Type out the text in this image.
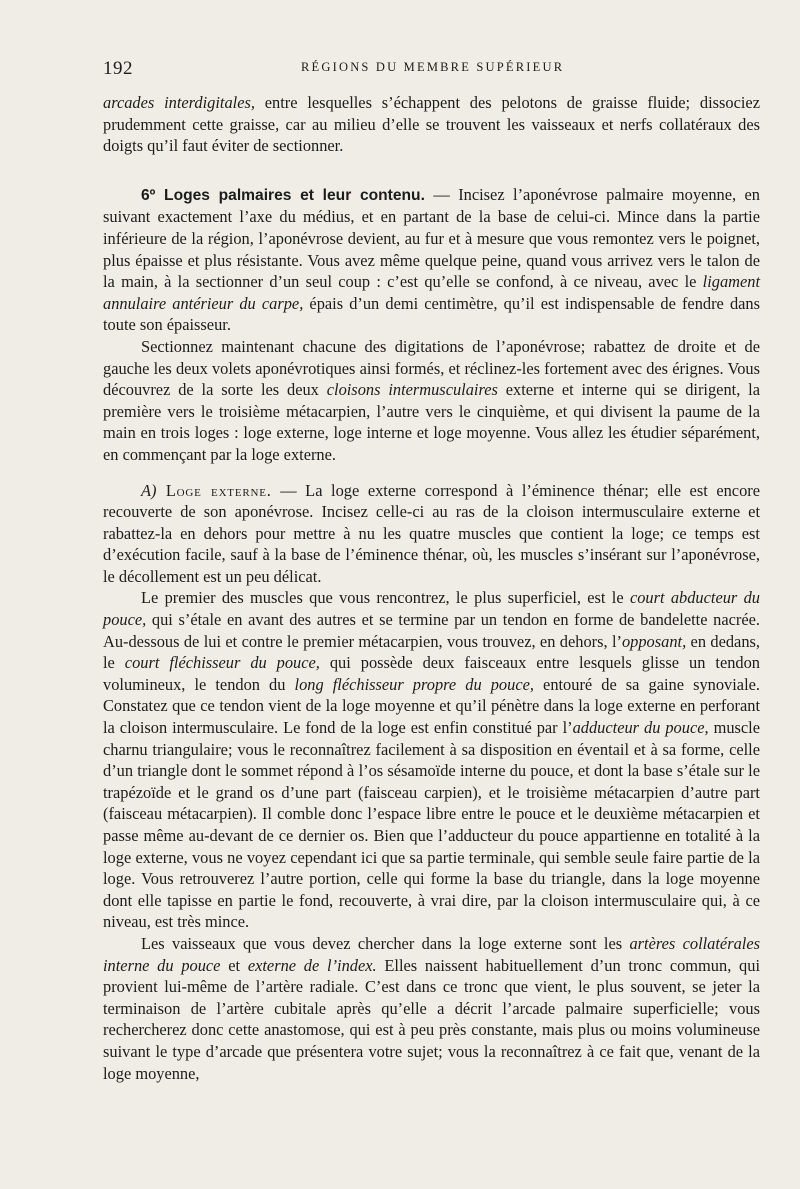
192	RÉGIONS DU MEMBRE SUPÉRIEUR

arcades interdigitales, entre lesquelles s’échappent des pelotons de graisse fluide; dissociez prudemment cette graisse, car au milieu d’elle se trouvent les vaisseaux et nerfs collatéraux des doigts qu’il faut éviter de sectionner.

6º Loges palmaires et leur contenu. — Incisez l’aponévrose palmaire moyenne, en suivant exactement l’axe du médius, et en partant de la base de celui-ci. Mince dans la partie inférieure de la région, l’aponévrose devient, au fur et à mesure que vous remontez vers le poignet, plus épaisse et plus résistante. Vous avez même quelque peine, quand vous arrivez vers le talon de la main, à la sectionner d’un seul coup : c’est qu’elle se confond, à ce niveau, avec le ligament annulaire antérieur du carpe, épais d’un demi centimètre, qu’il est indispensable de fendre dans toute son épaisseur.

Sectionnez maintenant chacune des digitations de l’aponévrose; rabattez de droite et de gauche les deux volets aponévrotiques ainsi formés, et réclinez-les fortement avec des érignes. Vous découvrez de la sorte les deux cloisons intermusculaires externe et interne qui se dirigent, la première vers le troisième métacarpien, l’autre vers le cinquième, et qui divisent la paume de la main en trois loges : loge externe, loge interne et loge moyenne. Vous allez les étudier séparément, en commençant par la loge externe.

A) Loge externe. — La loge externe correspond à l’éminence thénar; elle est encore recouverte de son aponévrose. Incisez celle-ci au ras de la cloison intermusculaire externe et rabattez-la en dehors pour mettre à nu les quatre muscles que contient la loge; ce temps est d’exécution facile, sauf à la base de l’éminence thénar, où, les muscles s’insérant sur l’aponévrose, le décollement est un peu délicat.

Le premier des muscles que vous rencontrez, le plus superficiel, est le court abducteur du pouce, qui s’étale en avant des autres et se termine par un tendon en forme de bandelette nacrée. Au-dessous de lui et contre le premier métacarpien, vous trouvez, en dehors, l’opposant, en dedans, le court fléchisseur du pouce, qui possède deux faisceaux entre lesquels glisse un tendon volumineux, le tendon du long fléchisseur propre du pouce, entouré de sa gaine synoviale. Constatez que ce tendon vient de la loge moyenne et qu’il pénètre dans la loge externe en perforant la cloison intermusculaire. Le fond de la loge est enfin constitué par l’adducteur du pouce, muscle charnu triangulaire; vous le reconnaîtrez facilement à sa disposition en éventail et à sa forme, celle d’un triangle dont le sommet répond à l’os sésamoïde interne du pouce, et dont la base s’étale sur le trapézoïde et le grand os d’une part (faisceau carpien), et le troisième métacarpien d’autre part (faisceau métacarpien). Il comble donc l’espace libre entre le pouce et le deuxième métacarpien et passe même au-devant de ce dernier os. Bien que l’adducteur du pouce appartienne en totalité à la loge externe, vous ne voyez cependant ici que sa partie terminale, qui semble seule faire partie de la loge. Vous retrouverez l’autre portion, celle qui forme la base du triangle, dans la loge moyenne dont elle tapisse en partie le fond, recouverte, à vrai dire, par la cloison intermusculaire qui, à ce niveau, est très mince.

Les vaisseaux que vous devez chercher dans la loge externe sont les artères collatérales interne du pouce et externe de l’index. Elles naissent habituellement d’un tronc commun, qui provient lui-même de l’artère radiale. C’est dans ce tronc que vient, le plus souvent, se jeter la terminaison de l’artère cubitale après qu’elle a décrit l’arcade palmaire superficielle; vous rechercherez donc cette anastomose, qui est à peu près constante, mais plus ou moins volumineuse suivant le type d’arcade que présentera votre sujet; vous la reconnaîtrez à ce fait que, venant de la loge moyenne,
